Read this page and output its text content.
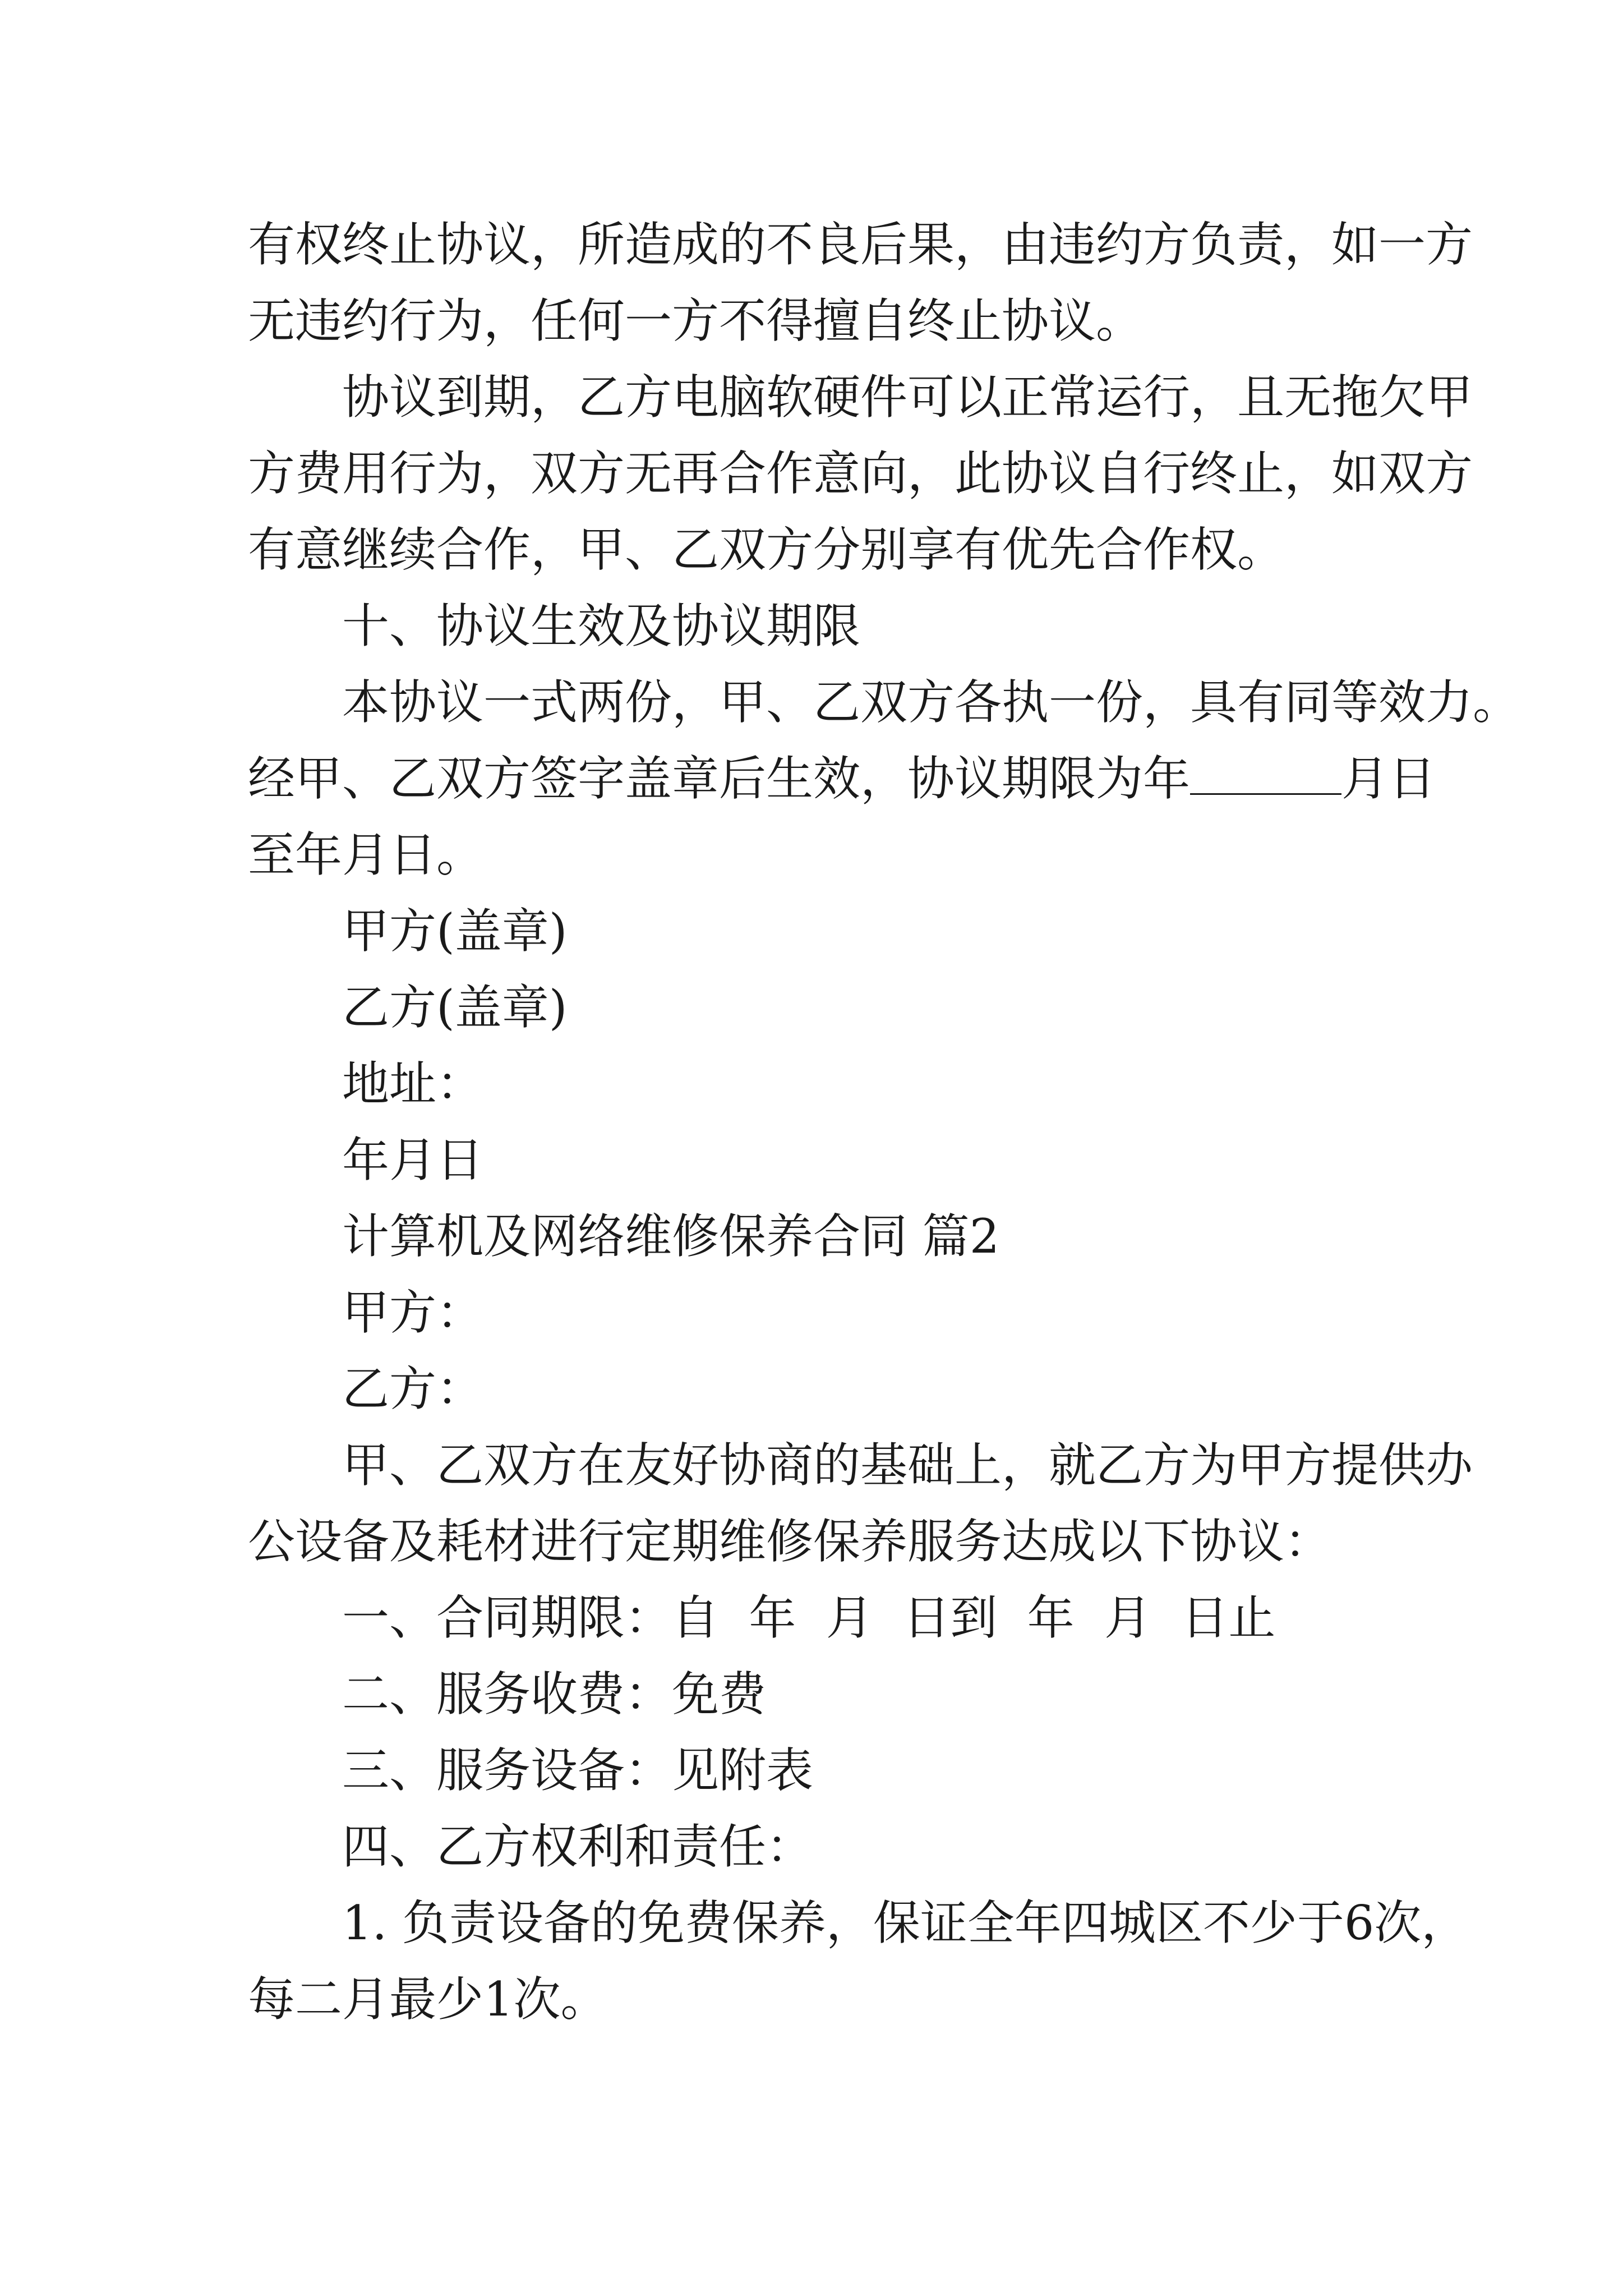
有权终止协议，所造成的不良后果，由违约方负责，如一方

无违约行为，任何一方不得擅自终止协议。

协议到期，乙方电脑软硬件可以正常运行，且无拖欠甲

方费用行为，双方无再合作意向，此协议自行终止，如双方

有意继续合作，甲、乙双方分别享有优先合作权。

十、协议生效及协议期限

本协议一式两份，甲、乙双方各执一份，具有同等效力。

经甲、乙双方签字盖章后生效，协议期限为年	月日

至年月日。

甲方(盖章)

乙方(盖章)

地址：

年月日

计算机及网络维修保养合同 篇2

甲方：

乙方：

甲、乙双方在友好协商的基础上，就乙方为甲方提供办

公设备及耗材进行定期维修保养服务达成以下协议：

一、合同期限：自  年  月  日到  年  月  日止

二、服务收费：免费

三、服务设备：见附表

四、乙方权利和责任：

1. 负责设备的免费保养，保证全年四城区不少于6次，

每二月最少1次。
